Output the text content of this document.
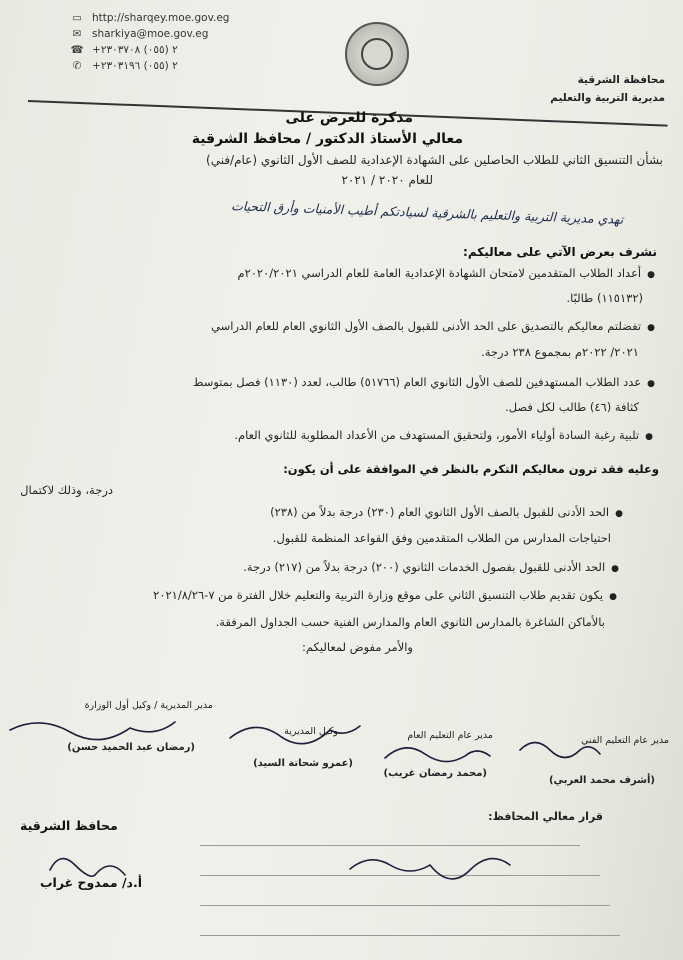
▭ http://sharqey.moe.gov.eg
✉ sharkiya@moe.gov.eg
☎ +٢ (٠٥٥) ٢٣٠٣٧٠٨
✆ +٢ (٠٥٥) ٢٣٠٣١٩٦
محافظة الشرقية
مديرية التربية والتعليم
مذكرة للعرض على
معالي الأستاذ الدكتور / محافظ الشرقية
بشأن التنسيق الثاني للطلاب الحاصلين على الشهادة الإعدادية للصف الأول الثانوي (عام/فني)
للعام ٢٠٢٠ / ٢٠٢١
تهدي مديرية التربية والتعليم بالشرقية لسيادتكم أطيب الأمنيات وأرق التحيات
نشرف بعرض الآتي على معاليكم:
● أعداد الطلاب المتقدمين لامتحان الشهادة الإعدادية العامة للعام الدراسي ٢٠٢٠/٢٠٢١م
(١١٥١٣٢) طالبًا.
● تفضلتم معاليكم بالتصديق على الحد الأدنى للقبول بالصف الأول الثانوي العام للعام الدراسي
٢٠٢١/ ٢٠٢٢م بمجموع ٢٣٨ درجة.
● عدد الطلاب المستهدفين للصف الأول الثانوي العام (٥١٧٦٦) طالب، لعدد (١١٣٠) فصل بمتوسط
كثافة (٤٦) طالب لكل فصل.
● تلبية رغبة السادة أولياء الأمور، ولتحقيق المستهدف من الأعداد المطلوبة للثانوي العام.
وعليه فقد ترون معاليكم التكرم بالنظر في الموافقة على أن يكون:
درجة، وذلك لاكتمال
● الحد الأدنى للقبول بالصف الأول الثانوي العام (٢٣٠) درجة بدلاً من (٢٣٨)
احتياجات المدارس من الطلاب المتقدمين وفق القواعد المنظمة للقبول.
● الحد الأدنى للقبول بفصول الخدمات الثانوي (٢٠٠) درجة بدلاً من (٢١٧) درجة.
● يكون تقديم طلاب التنسيق الثاني على موقع وزارة التربية والتعليم خلال الفترة من ٧-٢٠٢١/٨/٢٦
بالأماكن الشاغرة بالمدارس الثانوي العام والمدارس الفنية حسب الجداول المرفقة.
والأمر مفوض لمعاليكم:
مدير عام التعليم الفني
(أشرف محمد العربي)
مدير عام التعليم العام
(محمد رمضان غريب)
وكيل المديرية
(عمرو شحاتة السيد)
مدير المديرية / وكيل أول الوزارة
(رمضان عبد الحميد حسن)
قرار معالي المحافظ:
محافظ الشرقية
أ.د/ ممدوح غراب
